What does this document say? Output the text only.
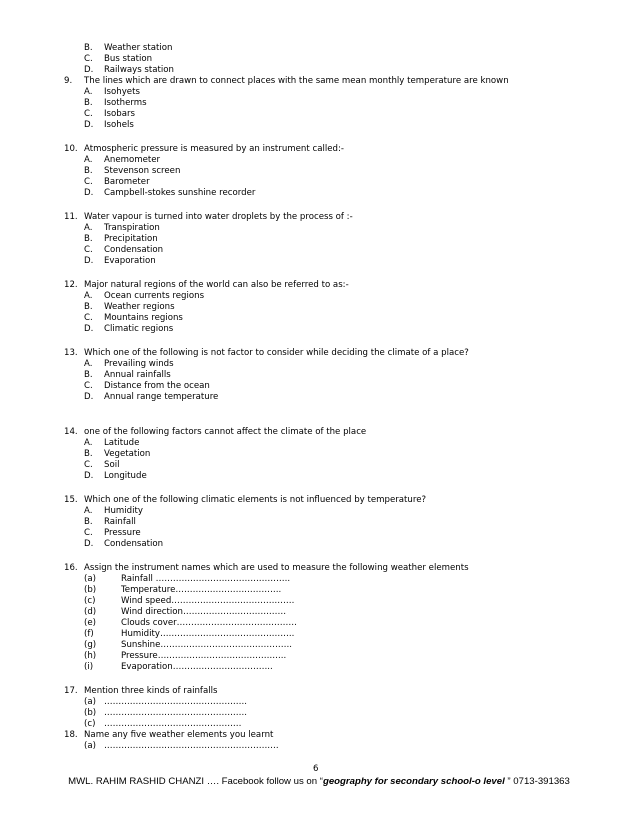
B. Weather station
C. Bus station
D. Railways station
9. The lines which are drawn to connect places with the same mean monthly temperature are known
A. Isohyets
B. Isotherms
C. Isobars
D. Isohels
10. Atmospheric pressure is measured by an instrument called:-
A. Anemometer
B. Stevenson screen
C. Barometer
D. Campbell-stokes sunshine recorder
11. Water vapour is turned into water droplets by the process of :-
A. Transpiration
B. Precipitation
C. Condensation
D. Evaporation
12. Major natural regions of the world can also be referred to as:-
A. Ocean currents regions
B. Weather regions
C. Mountains regions
D. Climatic regions
13. Which one of the following is not factor to consider while deciding the climate of a place?
A. Prevailing winds
B. Annual rainfalls
C. Distance from the ocean
D. Annual range temperature
14. one of the following factors cannot affect the climate of the place
A. Latitude
B. Vegetation
C. Soil
D. Longitude
15. Which one of the following climatic elements is not influenced by temperature?
A. Humidity
B. Rainfall
C. Pressure
D. Condensation
16. Assign the instrument names which are used to measure the following weather elements
(a)	Rainfall ………………………………………..
(b)	Temperature……………………………….
(c)	Wind speed…………………………………….
(d)	Wind direction………………………………
(e)	Clouds cover……………………………………
(f)	Humidity………………………………………..
(g)	Sunshine……………………………………….
(h)	Pressure……………………………………...
(i)	Evaporation……………………………..
17. Mention three kinds of rainfalls
(a) …………………………………………..
(b) …………………………………………..
(c) …………………………………………
18. Name any five weather elements you learnt
(a) …………………………………………………….
6
MWL. RAHIM RASHID CHANZI …. Facebook follow us on “geography for secondary school-o level ” 0713-391363
